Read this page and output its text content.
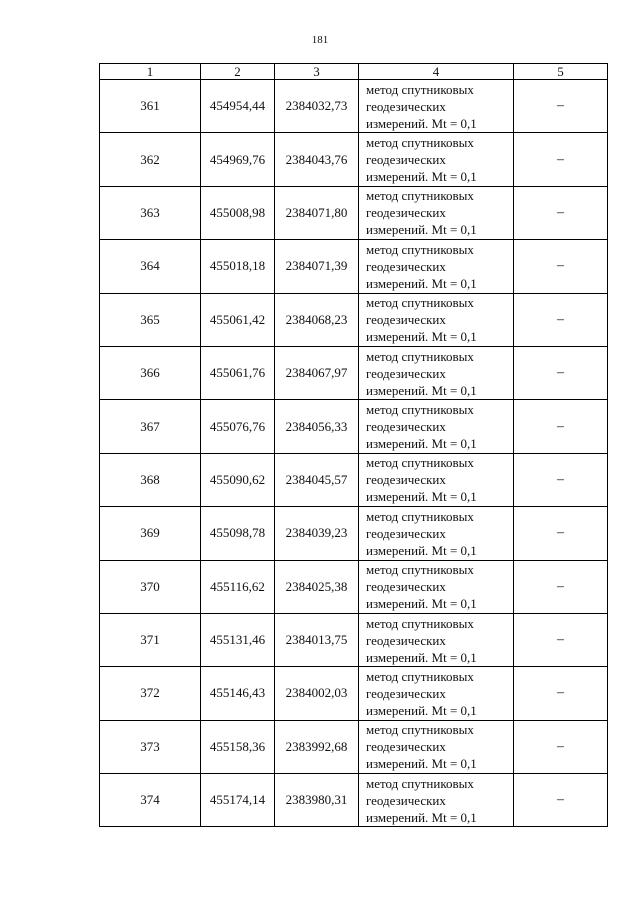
181
1	2	3	4	5
361	454954,44	2384032,73	метод спутниковых
геодезических
измерений. Mt = 0,1	–
362	454969,76	2384043,76	метод спутниковых
геодезических
измерений. Mt = 0,1	–
363	455008,98	2384071,80	метод спутниковых
геодезических
измерений. Mt = 0,1	–
364	455018,18	2384071,39	метод спутниковых
геодезических
измерений. Mt = 0,1	–
365	455061,42	2384068,23	метод спутниковых
геодезических
измерений. Mt = 0,1	–
366	455061,76	2384067,97	метод спутниковых
геодезических
измерений. Mt = 0,1	–
367	455076,76	2384056,33	метод спутниковых
геодезических
измерений. Mt = 0,1	–
368	455090,62	2384045,57	метод спутниковых
геодезических
измерений. Mt = 0,1	–
369	455098,78	2384039,23	метод спутниковых
геодезических
измерений. Mt = 0,1	–
370	455116,62	2384025,38	метод спутниковых
геодезических
измерений. Mt = 0,1	–
371	455131,46	2384013,75	метод спутниковых
геодезических
измерений. Mt = 0,1	–
372	455146,43	2384002,03	метод спутниковых
геодезических
измерений. Mt = 0,1	–
373	455158,36	2383992,68	метод спутниковых
геодезических
измерений. Mt = 0,1	–
374	455174,14	2383980,31	метод спутниковых
геодезических
измерений. Mt = 0,1	–
